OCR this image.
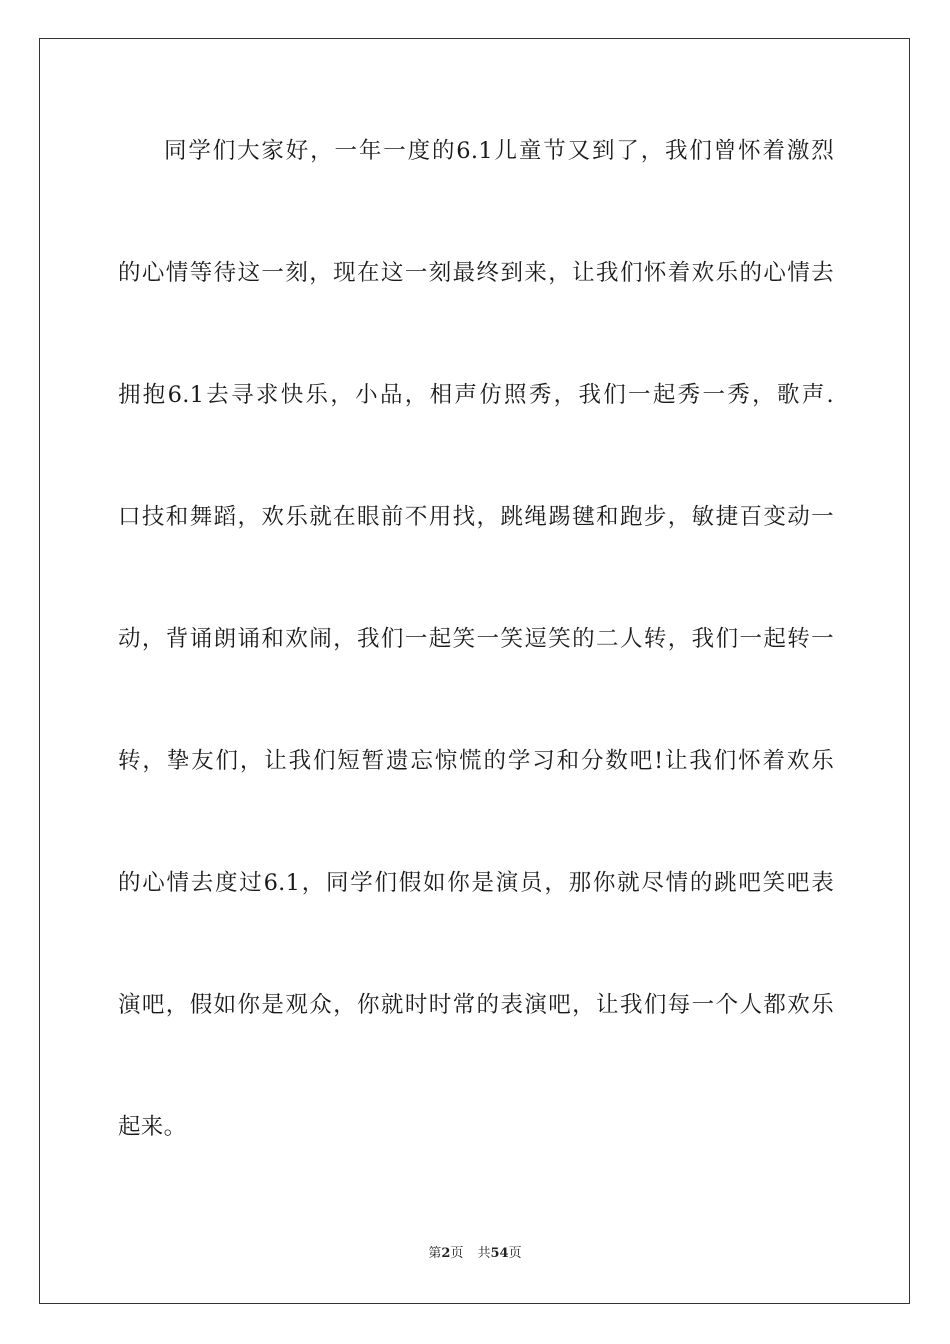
同学们大家好，一年一度的6.1儿童节又到了，我们曾怀着激烈
的心情等待这一刻，现在这一刻最终到来，让我们怀着欢乐的心情去
拥抱6.1去寻求快乐，小品，相声仿照秀，我们一起秀一秀，歌声.
口技和舞蹈，欢乐就在眼前不用找，跳绳踢毽和跑步，敏捷百变动一
动，背诵朗诵和欢闹，我们一起笑一笑逗笑的二人转，我们一起转一
转，挚友们，让我们短暂遗忘惊慌的学习和分数吧!让我们怀着欢乐
的心情去度过6.1，同学们假如你是演员，那你就尽情的跳吧笑吧表
演吧，假如你是观众，你就时时常的表演吧，让我们每一个人都欢乐
起来。
第2页 共54页
